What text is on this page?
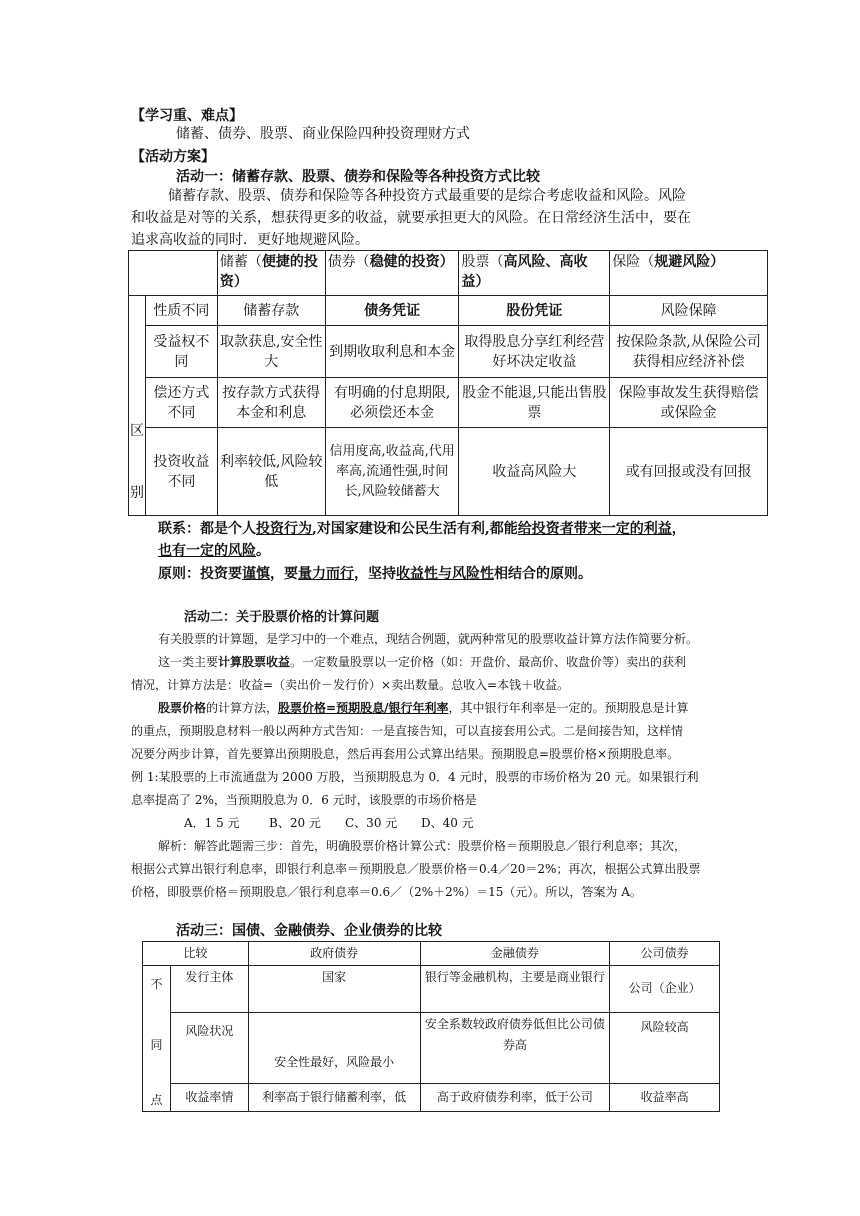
【学习重、难点】
储蓄、债券、股票、商业保险四种投资理财方式
【活动方案】
活动一：储蓄存款、股票、债券和保险等各种投资方式比较
储蓄存款、股票、债券和保险等各种投资方式最重要的是综合考虑收益和风险。风险
和收益是对等的关系，想获得更多的收益，就要承担更大的风险。在日常经济生活中，要在
追求高收益的同时．更好地规避风险。
		储蓄（便捷的投资）	债券（稳健的投资）	股票（高风险、高收益）	保险（规避风险）

区
别	性质不同	储蓄存款	债务凭证	股份凭证	风险保障
	受益权不同	取款获息,安全性大	到期收取利息和本金	取得股息分享红利经营好坏决定收益	按保险条款,从保险公司获得相应经济补偿
	偿还方式不同	按存款方式获得本金和利息	有明确的付息期限,必须偿还本金	股金不能退,只能出售股票	保险事故发生获得赔偿或保险金
	投资收益不同	利率较低,风险较低	信用度高,收益高,代用率高,流通性强,时间长,风险较储蓄大	收益高风险大	或有回报或没有回报
联系：都是个人投资行为,对国家建设和公民生活有利,都能给投资者带来一定的利益，
也有一定的风险。
原则：投资要谨慎，要量力而行，坚持收益性与风险性相结合的原则。
活动二：关于股票价格的计算问题
有关股票的计算题，是学习中的一个难点，现结合例题，就两种常见的股票收益计算方法作简要分析。
这一类主要计算股票收益。一定数量股票以一定价格（如：开盘价、最高价、收盘价等）卖出的获利
情况，计算方法是：收益=（卖出价－发行价）×卖出数量。总收入=本钱＋收益。
股票价格的计算方法，股票价格=预期股息/银行年利率，其中银行年利率是一定的。预期股息是计算
的重点，预期股息材料一般以两种方式告知：一是直接告知，可以直接套用公式。二是间接告知，这样情
况要分两步计算，首先要算出预期股息，然后再套用公式算出结果。预期股息=股票价格×预期股息率。
例 1:某股票的上市流通盘为 2000 万股，当预期股息为 0．4 元时，股票的市场价格为 20 元。如果银行利
息率提高了 2%，当预期股息为 0．6 元时，该股票的市场价格是
A．1 5 元 B、20 元 C、30 元 D、40 元
解析：解答此题需三步：首先，明确股票价格计算公式：股票价格＝预期股息／银行利息率；其次，
根据公式算出银行利息率，即银行利息率＝预期股息／股票价格＝0.4／20＝2%；再次，根据公式算出股票
价格，即股票价格＝预期股息／银行利息率＝0.6／（2%＋2%）＝15（元）。所以，答案为 A。
活动三：国债、金融债券、企业债券的比较
比较		政府债券	金融债券	公司债券

不
同
点	发行主体	国家	银行等金融机构，主要是商业银行	公司（企业）
	风险状况	安全性最好，风险最小	安全系数较政府债券低但比公司债券高	风险较高
	收益率情	利率高于银行储蓄利率，低	高于政府债券利率，低于公司	收益率高
